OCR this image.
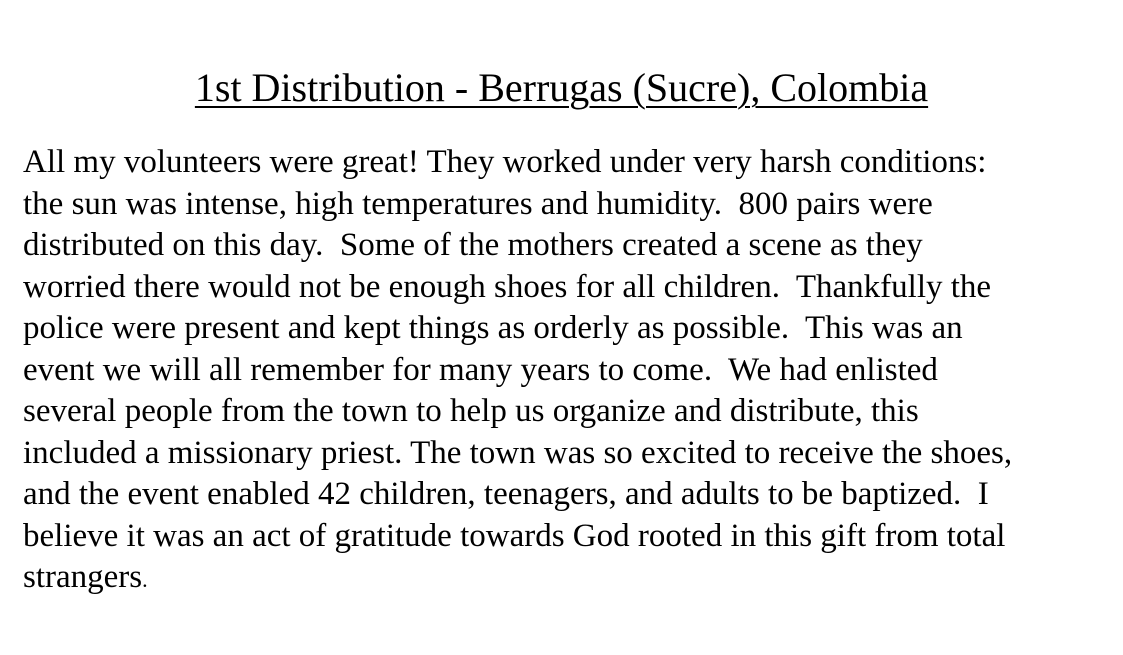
1st Distribution - Berrugas (Sucre), Colombia
All my volunteers were great! They worked under very harsh conditions:
the sun was intense, high temperatures and humidity.  800 pairs were
distributed on this day.  Some of the mothers created a scene as they
worried there would not be enough shoes for all children.  Thankfully the
police were present and kept things as orderly as possible.  This was an
event we will all remember for many years to come.  We had enlisted
several people from the town to help us organize and distribute, this
included a missionary priest. The town was so excited to receive the shoes,
and the event enabled 42 children, teenagers, and adults to be baptized.  I
believe it was an act of gratitude towards God rooted in this gift from total
strangers.
